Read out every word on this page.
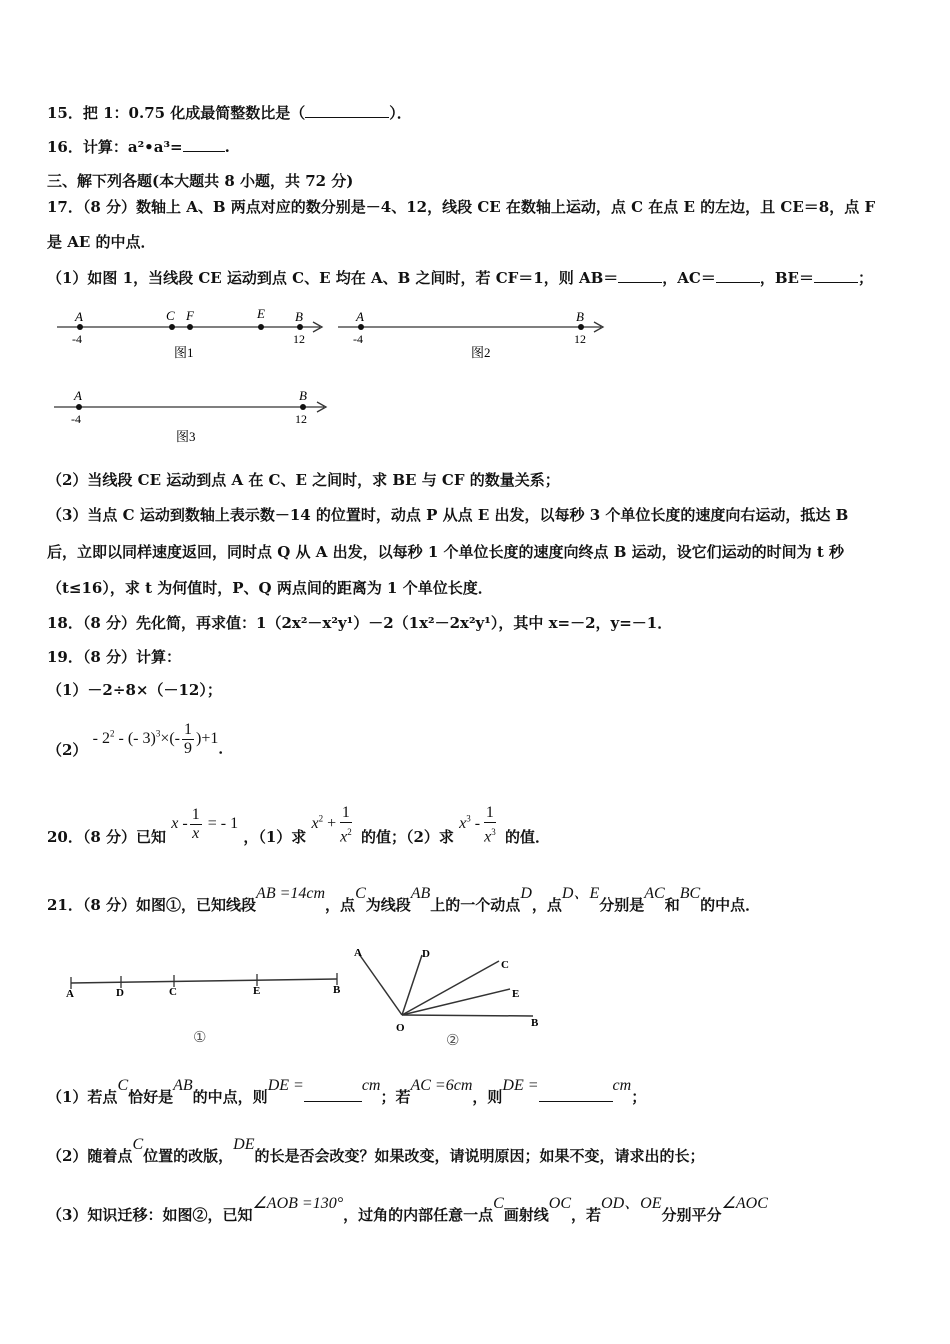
15．把 1：0.75 化成最简整数比是（	）．
16．计算：a²•a³=	.
三、解下列各题(本大题共 8 小题，共 72 分)
17．（8 分）数轴上 A、B 两点对应的数分别是－4、12，线段 CE 在数轴上运动，点 C 在点 E 的左边，且 CE＝8，点 F
是 AE 的中点．
（1）如图 1，当线段 CE 运动到点 C、E 均在 A、B 之间时，若 CF＝1，则 AB＝	，AC＝	，BE＝	；
A	C F	E B
-4	12
图1
A	B
-4	12
图2
A	B
-4	12
图3
（2）当线段 CE 运动到点 A 在 C、E 之间时，求 BE 与 CF 的数量关系；
（3）当点 C 运动到数轴上表示数－14 的位置时，动点 P 从点 E 出发，以每秒 3 个单位长度的速度向右运动，抵达 B
后，立即以同样速度返回，同时点 Q 从 A 出发，以每秒 1 个单位长度的速度向终点 B 运动，设它们运动的时间为 t 秒
（t≤16），求 t 为何值时，P、Q 两点间的距离为 1 个单位长度．
18．（8 分）先化简，再求值：1（2x²－x²y¹）－2（1x²－2x²y¹），其中 x=－2，y=－1．
19．（8 分）计算：
（1）－2÷8×（－12）；
$(2) - 2^2$ - (- $3)^3\times(- \frac{1}{9} )+1$．
20．（8 分）已知 x - $\frac{1}{x}$ = - 1 ，（1）求 $x^2 + \frac{1}{x^2}$ 的值；（2）求 $x^3 - \frac{1}{x^3}$ 的值．
21．（8 分）如图①，已知线段AB =14cm，点C为线段AB上的一个动点D，点D、E分别是AC和BC的中点．
A	D	C	E	B
①
A	D
C
E
B
O
②
（1）若点C恰好是AB的中点，则DE =	cm；若AC =6cm，则DE =	cm；
（2）随着点C位置的改版，DE的长是否会改变？如果改变，请说明原因；如果不变，请求出的长；
（3）知识迁移：如图②，已知∠AOB =130°，过角的内部任意一点C画射线OC，若OD、OE分别平分∠AOC
